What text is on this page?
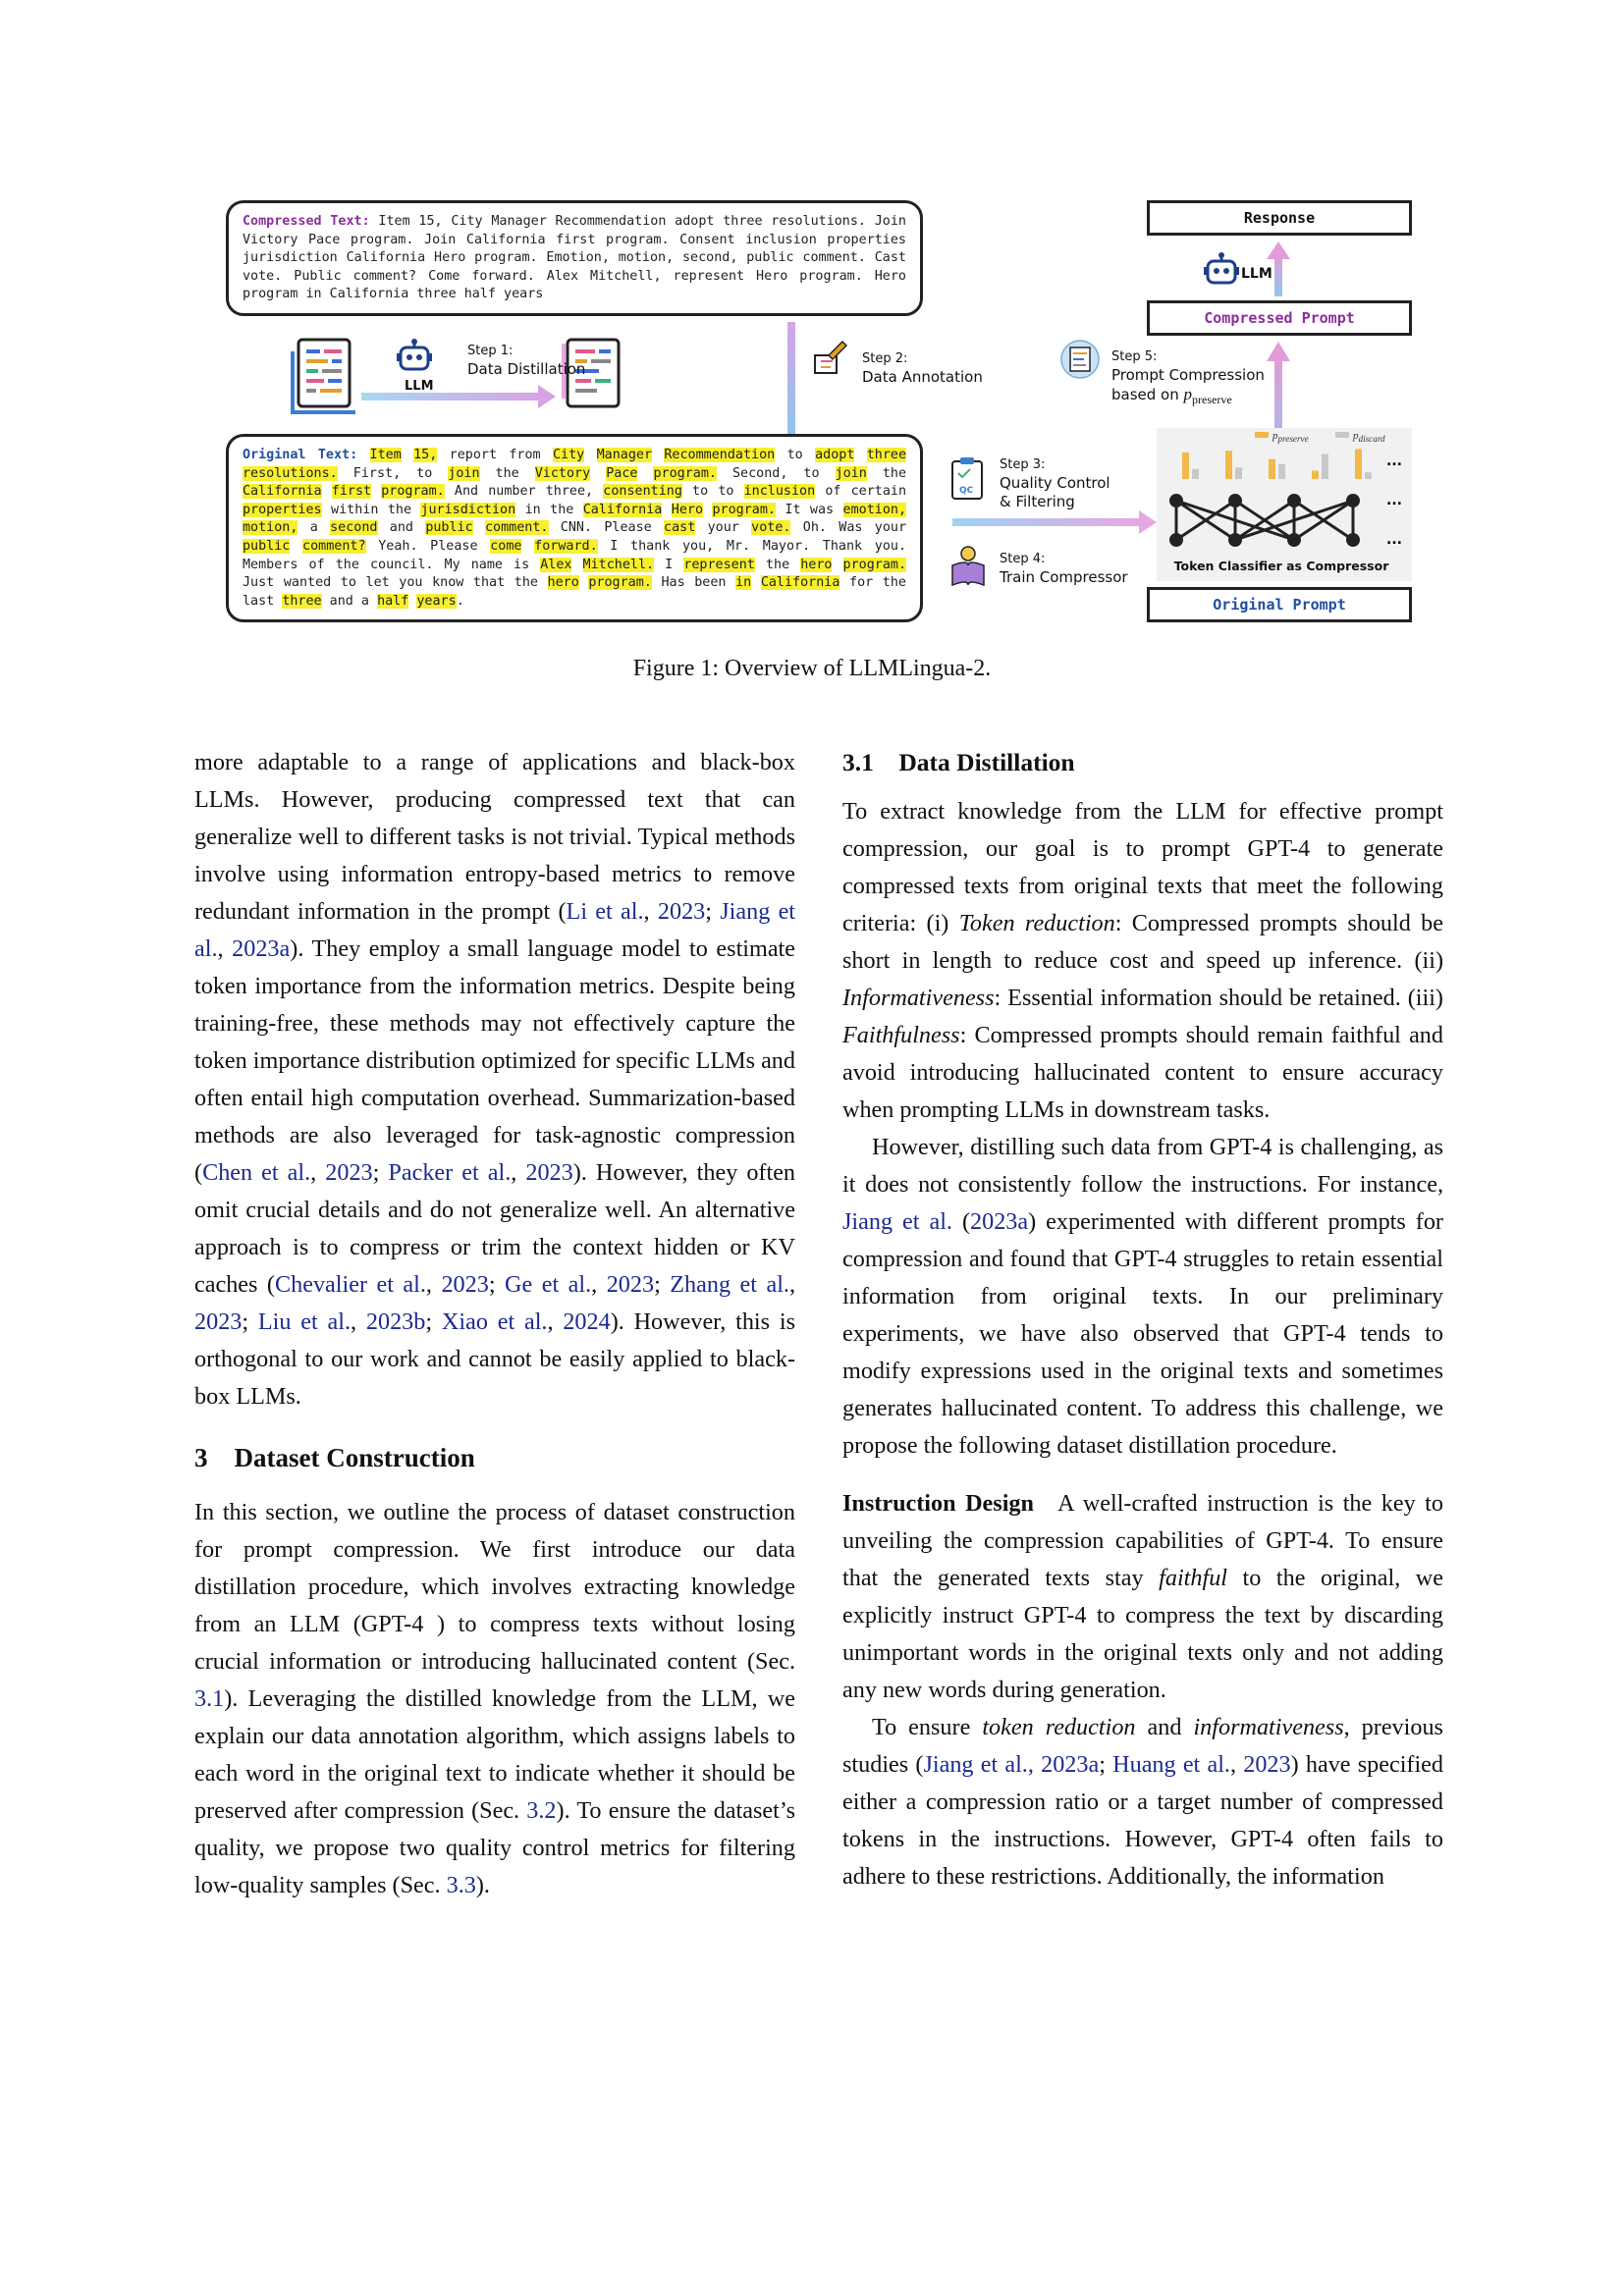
QC
...
...
...
Compressed Text: Item 15, City Manager Recommendation adopt three resolutions. Join Victory Pace program. Join California first program. Consent inclusion properties jurisdiction California Hero program. Emotion, motion, second, public comment. Cast vote. Public comment? Come forward. Alex Mitchell, represent Hero program. Hero program in California three half years
Original Text: Item 15, report from City Manager Recommendation to adopt three resolutions. First, to join the Victory Pace program. Second, to join the California first program. And number three, consenting to to inclusion of certain properties within the jurisdiction in the California Hero program. It was emotion, motion, a second and public comment. CNN. Please cast your vote. Oh. Was your public comment? Yeah. Please come forward. I thank you, Mr. Mayor. Thank you. Members of the council. My name is Alex Mitchell. I represent the hero program. Just wanted to let you know that the hero program. Has been in California for the last three and a half years.
Response
Compressed Prompt
Original Prompt
LLM
LLM
Step 1:
Data Distillation
Step 2:
Data Annotation
Step 3:
Quality Control
& Filtering
Step 4:
Train Compressor
Step 5:
Prompt Compression
based on $p_{preserve}$
$p_{preserve}$	$p_{discard}$
Token Classifier as Compressor
Figure 1: Overview of LLMLingua-2.

more adaptable to a range of applications and black-box LLMs. However, producing compressed text that can generalize well to different tasks is not trivial. Typical methods involve using information entropy-based metrics to remove redundant information in the prompt (Li et al., 2023; Jiang et al., 2023a). They employ a small language model to estimate token importance from the information metrics. Despite being training-free, these methods may not effectively capture the token importance distribution optimized for specific LLMs and often entail high computation overhead. Summarization-based methods are also leveraged for task-agnostic compression (Chen et al., 2023; Packer et al., 2023). However, they often omit crucial details and do not generalize well. An alternative approach is to compress or trim the context hidden or KV caches (Chevalier et al., 2023; Ge et al., 2023; Zhang et al., 2023; Liu et al., 2023b; Xiao et al., 2024). However, this is orthogonal to our work and cannot be easily applied to black-box LLMs.

3 Dataset Construction

In this section, we outline the process of dataset construction for prompt compression. We first introduce our data distillation procedure, which involves extracting knowledge from an LLM (GPT-4 ) to compress texts without losing crucial information or introducing hallucinated content (Sec. 3.1). Leveraging the distilled knowledge from the LLM, we explain our data annotation algorithm, which assigns labels to each word in the original text to indicate whether it should be preserved after compression (Sec. 3.2). To ensure the dataset’s quality, we propose two quality control metrics for filtering low-quality samples (Sec. 3.3).

3.1 Data Distillation

To extract knowledge from the LLM for effective prompt compression, our goal is to prompt GPT-4 to generate compressed texts from original texts that meet the following criteria: (i) Token reduction: Compressed prompts should be short in length to reduce cost and speed up inference. (ii) Informativeness: Essential information should be retained. (iii) Faithfulness: Compressed prompts should remain faithful and avoid introducing hallucinated content to ensure accuracy when prompting LLMs in downstream tasks.

However, distilling such data from GPT-4 is challenging, as it does not consistently follow the instructions. For instance, Jiang et al. (2023a) experimented with different prompts for compression and found that GPT-4 struggles to retain essential information from original texts. In our preliminary experiments, we have also observed that GPT-4 tends to modify expressions used in the original texts and sometimes generates hallucinated content. To address this challenge, we propose the following dataset distillation procedure.

Instruction Design A well-crafted instruction is the key to unveiling the compression capabilities of GPT-4. To ensure that the generated texts stay faithful to the original, we explicitly instruct GPT-4 to compress the text by discarding unimportant words in the original texts only and not adding any new words during generation.

To ensure token reduction and informativeness, previous studies (Jiang et al., 2023a; Huang et al., 2023) have specified either a compression ratio or a target number of compressed tokens in the instructions. However, GPT-4 often fails to adhere to these restrictions. Additionally, the information
